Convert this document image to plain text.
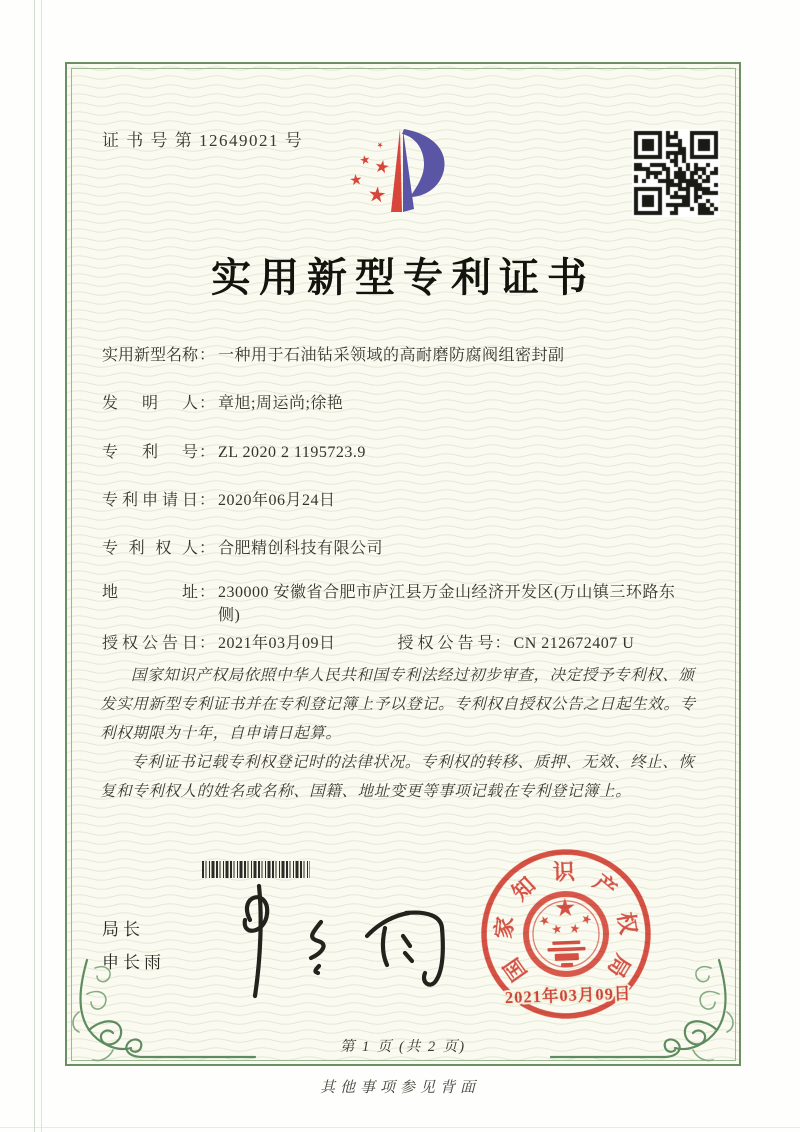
证 书 号 第 12649021 号
实用新型专利证书
实用新型名称 ： 一种用于石油钻采领域的高耐磨防腐阀组密封副
发明人 ： 章旭;周运尚;徐艳
专利号 ： ZL 2020 2 1195723.9
专利申请日 ： 2020年06月24日
专利权人 ： 合肥精创科技有限公司
地址 ： 230000 安徽省合肥市庐江县万金山经济开发区(万山镇三环路东侧)
授权公告日 ： 2021年03月09日	授权公告号 ： CN 212672407 U

国家知识产权局依照中华人民共和国专利法经过初步审查，决定授予专利权、颁发实用新型专利证书并在专利登记簿上予以登记。专利权自授权公告之日起生效。专利权期限为十年，自申请日起算。

专利证书记载专利权登记时的法律状况。专利权的转移、质押、无效、终止、恢复和专利权人的姓名或名称、国籍、地址变更等事项记载在专利登记簿上。

局长
申长雨
2021年03月09日
国
家
知 识 产
权
局
第 1 页 (共 2 页)
其他事项参见背面
